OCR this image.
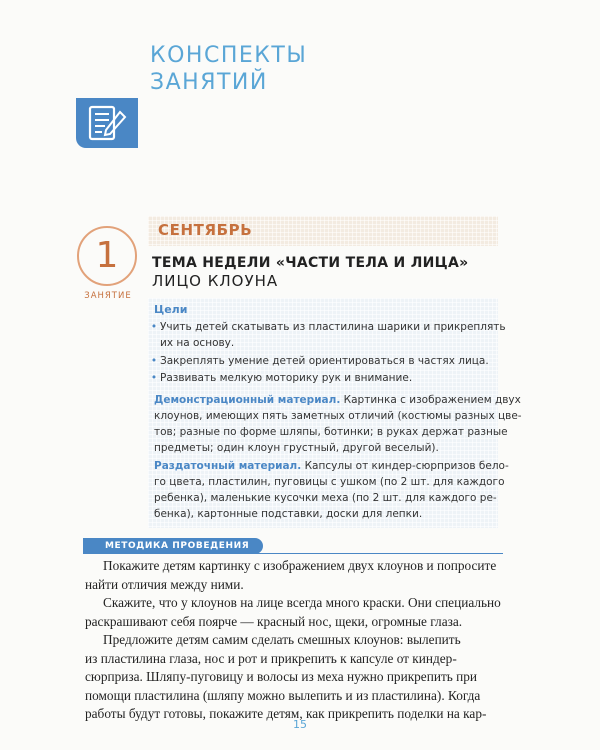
КОНСПЕКТЫ
ЗАНЯТИЙ
СЕНТЯБРЬ
1
ЗАНЯТИЕ
ТЕМА НЕДЕЛИ «ЧАСТИ ТЕЛА И ЛИЦА»
ЛИЦО КЛОУНА
Цели
• Учить детей скатывать из пластилина шарики и прикреплять
их на основу.
• Закреплять умение детей ориентироваться в частях лица.
• Развивать мелкую моторику рук и внимание.
Демонстрационный материал. Картинка с изображением двух
клоунов, имеющих пять заметных отличий (костюмы разных цве-
тов; разные по форме шляпы, ботинки; в руках держат разные
предметы; один клоун грустный, другой веселый).
Раздаточный материал. Капсулы от киндер-сюрпризов бело-
го цвета, пластилин, пуговицы с ушком (по 2 шт. для каждого
ребенка), маленькие кусочки меха (по 2 шт. для каждого ре-
бенка), картонные подставки, доски для лепки.
МЕТОДИКА ПРОВЕДЕНИЯ
Покажите детям картинку с изображением двух клоунов и попросите
найти отличия между ними.
Скажите, что у клоунов на лице всегда много краски. Они специально
раскрашивают себя поярче — красный нос, щеки, огромные глаза.
Предложите детям самим сделать смешных клоунов: вылепить
из пластилина глаза, нос и рот и прикрепить к капсуле от киндер-
сюрприза. Шляпу-пуговицу и волосы из меха нужно прикрепить при
помощи пластилина (шляпу можно вылепить и из пластилина). Когда
работы будут готовы, покажите детям, как прикрепить поделки на кар-
15
